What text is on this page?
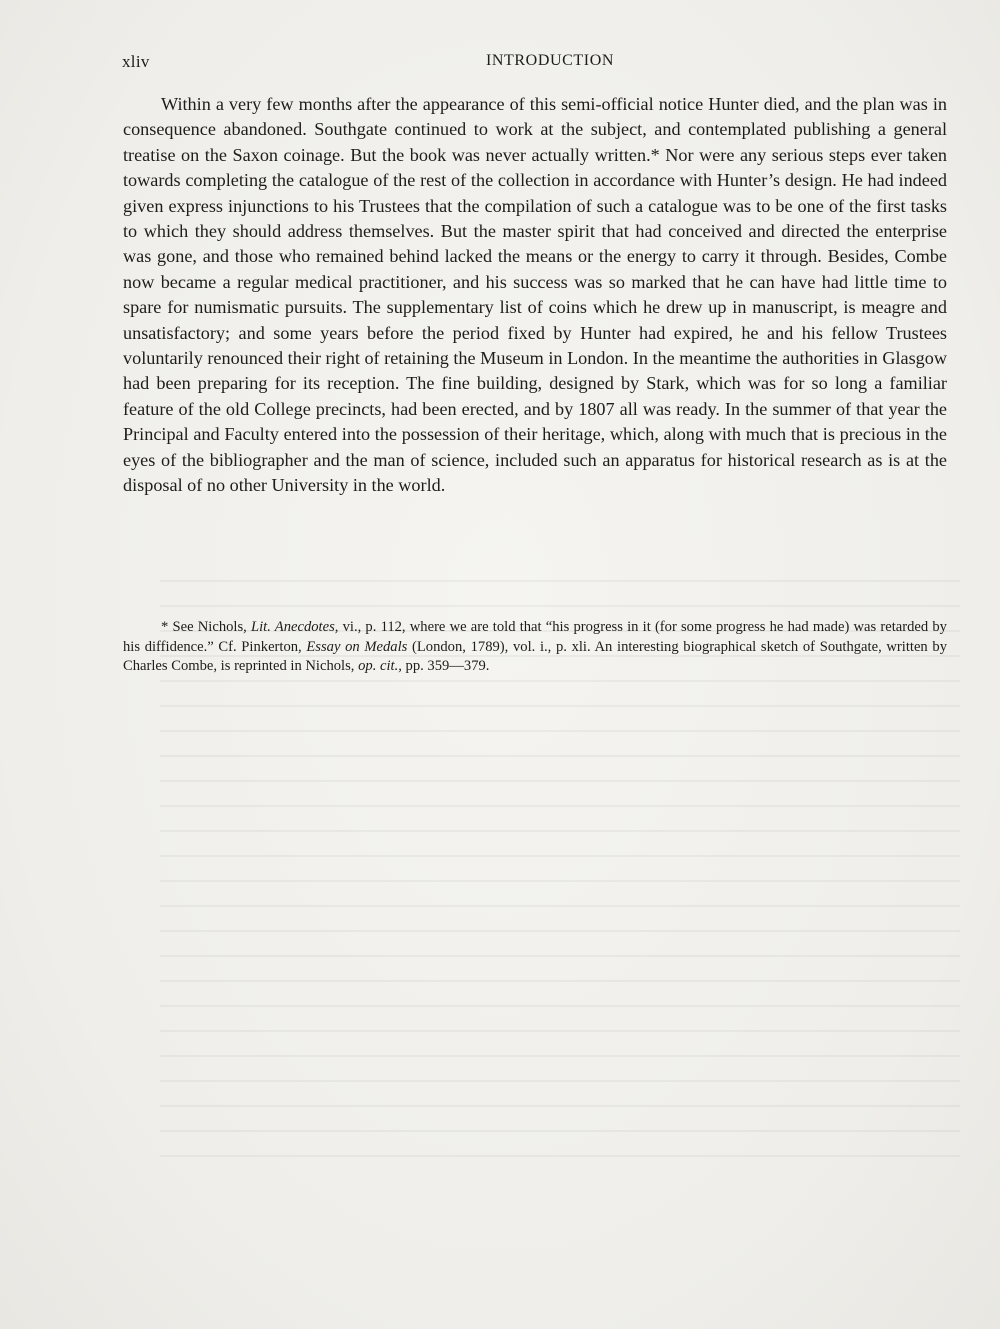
xliv	INTRODUCTION

Within a very few months after the appearance of this semi-official notice Hunter died, and the plan was in consequence abandoned. Southgate continued to work at the subject, and contemplated publishing a general treatise on the Saxon coinage. But the book was never actually written.* Nor were any serious steps ever taken towards completing the catalogue of the rest of the collection in accordance with Hunter’s design. He had indeed given express injunctions to his Trustees that the compilation of such a catalogue was to be one of the first tasks to which they should address themselves. But the master spirit that had conceived and directed the enterprise was gone, and those who remained behind lacked the means or the energy to carry it through. Besides, Combe now became a regular medical practitioner, and his success was so marked that he can have had little time to spare for numismatic pursuits. The supplementary list of coins which he drew up in manuscript, is meagre and unsatisfactory; and some years before the period fixed by Hunter had expired, he and his fellow Trustees voluntarily renounced their right of retaining the Museum in London. In the meantime the authorities in Glasgow had been preparing for its reception. The fine building, designed by Stark, which was for so long a familiar feature of the old College precincts, had been erected, and by 1807 all was ready. In the summer of that year the Principal and Faculty entered into the possession of their heritage, which, along with much that is precious in the eyes of the bibliographer and the man of science, included such an apparatus for historical research as is at the disposal of no other University in the world.

* See Nichols, Lit. Anecdotes, vi., p. 112, where we are told that “his progress in it (for some progress he had made) was retarded by his diffidence.” Cf. Pinkerton, Essay on Medals (London, 1789), vol. i., p. xli. An interesting biographical sketch of Southgate, written by Charles Combe, is reprinted in Nichols, op. cit., pp. 359—379.
